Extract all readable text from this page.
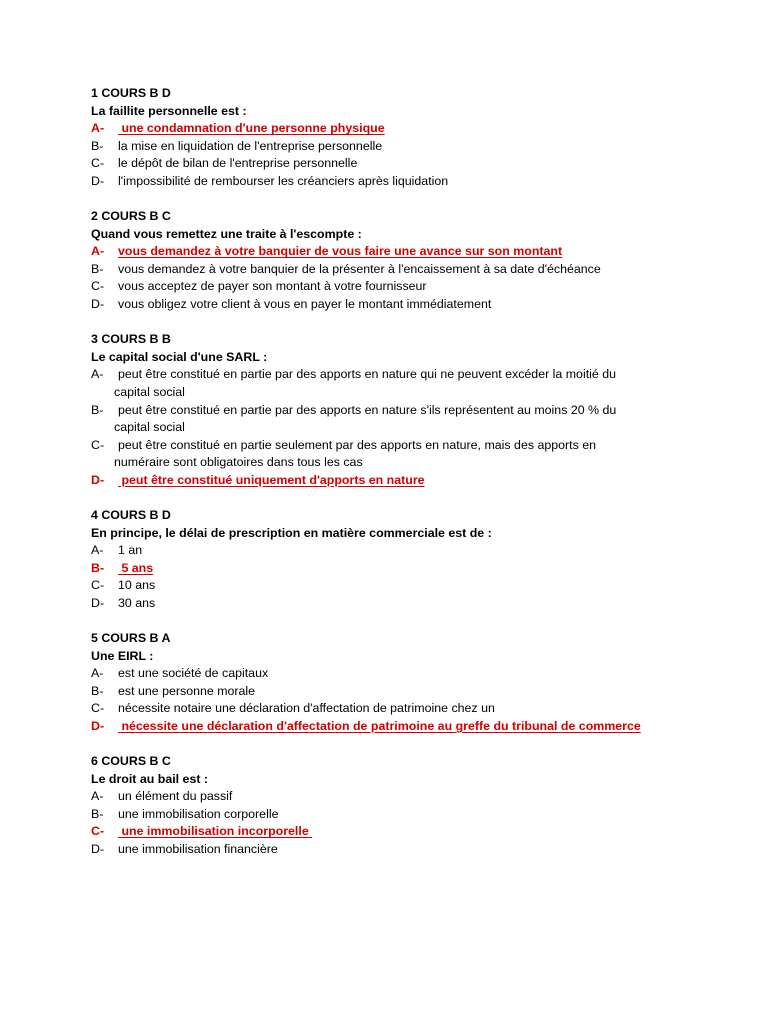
1 COURS B D
La faillite personnelle est :
A- une condamnation d'une personne physique
B- la mise en liquidation de l'entreprise personnelle
C- le dépôt de bilan de l'entreprise personnelle
D- l'impossibilité de rembourser les créanciers après liquidation
2 COURS B C
Quand vous remettez une traite à l'escompte :
A- vous demandez à votre banquier de vous faire une avance sur son montant
B- vous demandez à votre banquier de la présenter à l'encaissement à sa date d'échéance
C- vous acceptez de payer son montant à votre fournisseur
D- vous obligez votre client à vous en payer le montant immédiatement
3 COURS B B
Le capital social d'une SARL :
A-	peut être constitué en partie par des apports en nature qui ne peuvent excéder la moitié du
capital social
B-	peut être constitué en partie par des apports en nature s'ils représentent au moins 20 % du
capital social
C-	peut être constitué en partie seulement par des apports en nature, mais des apports en
numéraire sont obligatoires dans tous les cas
D- peut être constitué uniquement d'apports en nature
4 COURS B D
En principe, le délai de prescription en matière commerciale est de :
A- 1 an
B- 5 ans
C- 10 ans
D- 30 ans
5 COURS B A
Une EIRL :
A- est une société de capitaux
B- est une personne morale
C- nécessite notaire une déclaration d'affectation de patrimoine chez un
D- nécessite une déclaration d'affectation de patrimoine au greffe du tribunal de commerce
6 COURS B C
Le droit au bail est :
A- un élément du passif
B- une immobilisation corporelle
C- une immobilisation incorporelle
D- une immobilisation financière
